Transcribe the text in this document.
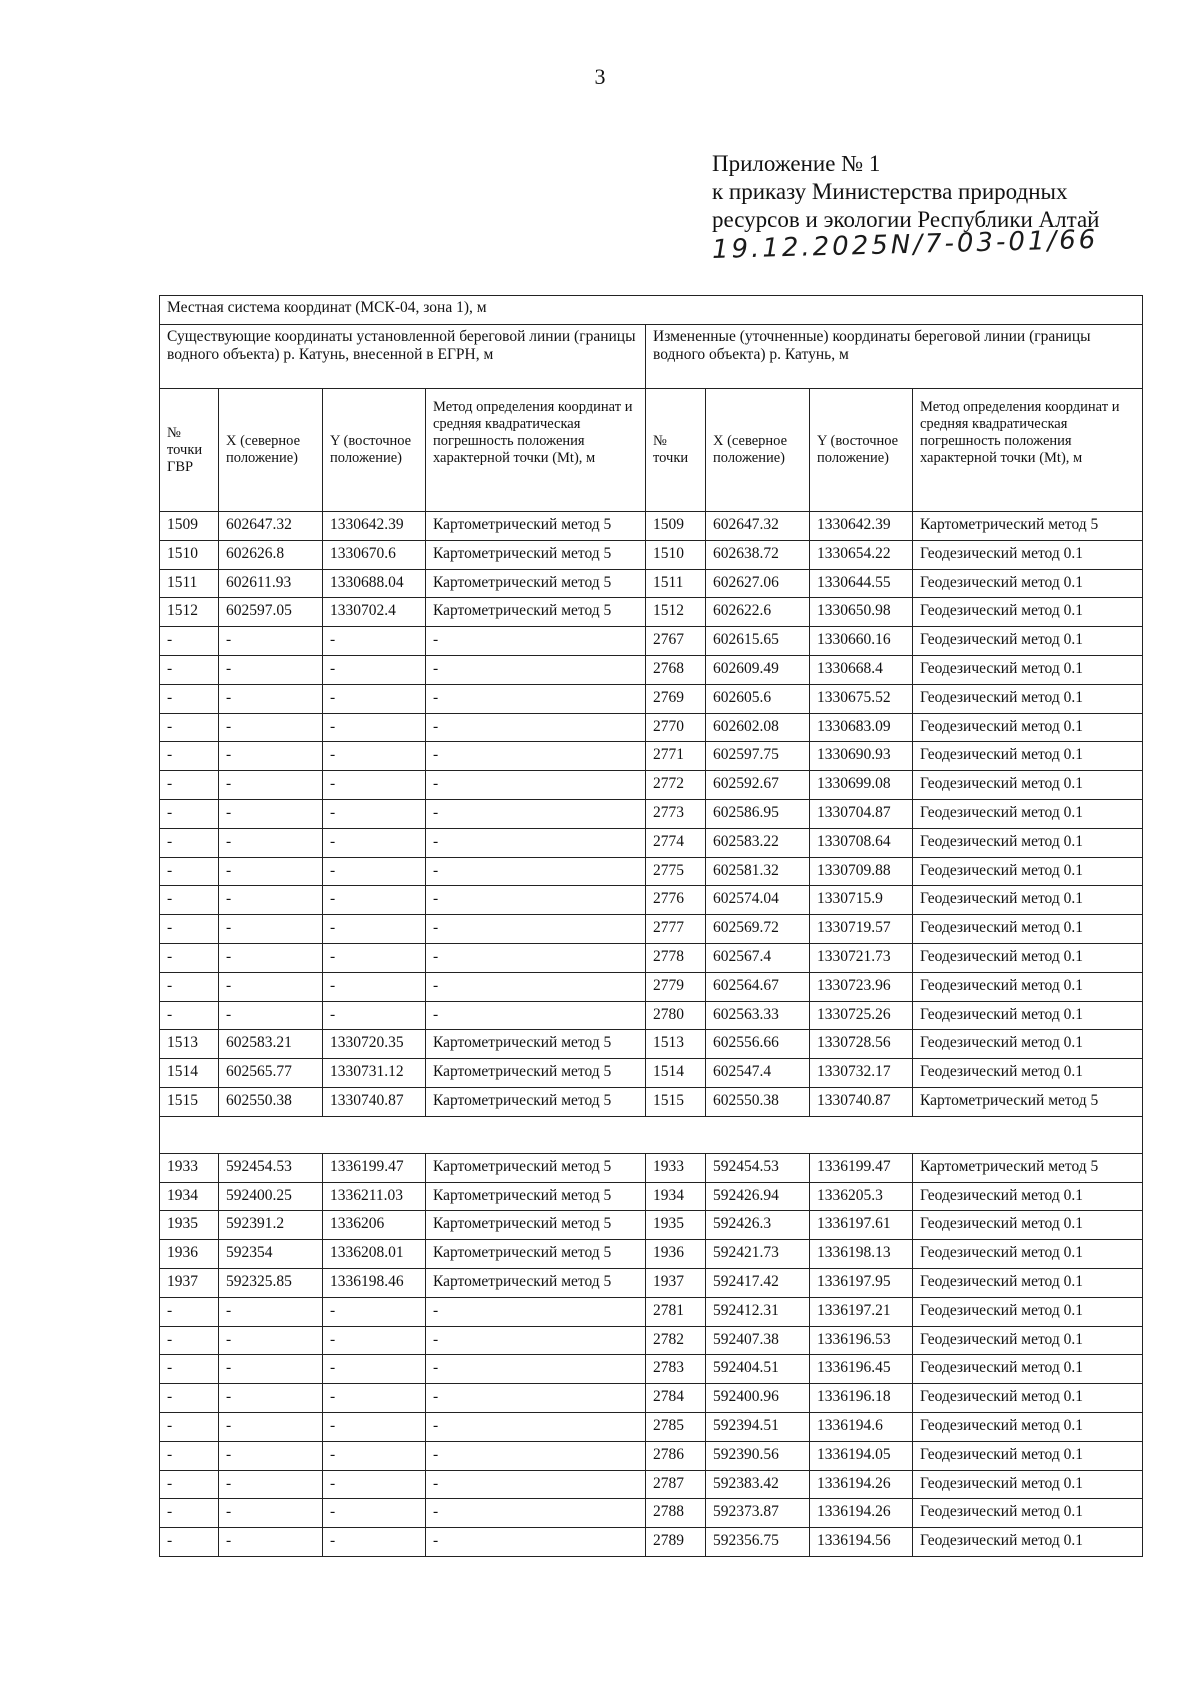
3
Приложение № 1
к приказу Министерства природных
ресурсов и экологии Республики Алтай
19.12.2025N/7-03-01/66
Местная система координат (МСК-04, зона 1), м							
Существующие координаты установленной береговой линии (границы водного объекта) р. Катунь, внесенной в ЕГРН, м				Измененные (уточненные) координаты береговой линии (границы водного объекта) р. Катунь, м			
№ точки ГВР	X (северное положение)	Y (восточное положение)	Метод определения координат и средняя квадратическая погрешность положения характерной точки (Mt), м	№ точки	X (северное положение)	Y (восточное положение)	Метод определения координат и средняя квадратическая погрешность положения характерной точки (Mt), м
1509	602647.32	1330642.39	Картометрический метод 5	1509	602647.32	1330642.39	Картометрический метод 5
1510	602626.8	1330670.6	Картометрический метод 5	1510	602638.72	1330654.22	Геодезический метод 0.1
1511	602611.93	1330688.04	Картометрический метод 5	1511	602627.06	1330644.55	Геодезический метод 0.1
1512	602597.05	1330702.4	Картометрический метод 5	1512	602622.6	1330650.98	Геодезический метод 0.1
-	-	-	-	2767	602615.65	1330660.16	Геодезический метод 0.1
-	-	-	-	2768	602609.49	1330668.4	Геодезический метод 0.1
-	-	-	-	2769	602605.6	1330675.52	Геодезический метод 0.1
-	-	-	-	2770	602602.08	1330683.09	Геодезический метод 0.1
-	-	-	-	2771	602597.75	1330690.93	Геодезический метод 0.1
-	-	-	-	2772	602592.67	1330699.08	Геодезический метод 0.1
-	-	-	-	2773	602586.95	1330704.87	Геодезический метод 0.1
-	-	-	-	2774	602583.22	1330708.64	Геодезический метод 0.1
-	-	-	-	2775	602581.32	1330709.88	Геодезический метод 0.1
-	-	-	-	2776	602574.04	1330715.9	Геодезический метод 0.1
-	-	-	-	2777	602569.72	1330719.57	Геодезический метод 0.1
-	-	-	-	2778	602567.4	1330721.73	Геодезический метод 0.1
-	-	-	-	2779	602564.67	1330723.96	Геодезический метод 0.1
-	-	-	-	2780	602563.33	1330725.26	Геодезический метод 0.1
1513	602583.21	1330720.35	Картометрический метод 5	1513	602556.66	1330728.56	Геодезический метод 0.1
1514	602565.77	1330731.12	Картометрический метод 5	1514	602547.4	1330732.17	Геодезический метод 0.1
1515	602550.38	1330740.87	Картометрический метод 5	1515	602550.38	1330740.87	Картометрический метод 5

1933	592454.53	1336199.47	Картометрический метод 5	1933	592454.53	1336199.47	Картометрический метод 5
1934	592400.25	1336211.03	Картометрический метод 5	1934	592426.94	1336205.3	Геодезический метод 0.1
1935	592391.2	1336206	Картометрический метод 5	1935	592426.3	1336197.61	Геодезический метод 0.1
1936	592354	1336208.01	Картометрический метод 5	1936	592421.73	1336198.13	Геодезический метод 0.1
1937	592325.85	1336198.46	Картометрический метод 5	1937	592417.42	1336197.95	Геодезический метод 0.1
-	-	-	-	2781	592412.31	1336197.21	Геодезический метод 0.1
-	-	-	-	2782	592407.38	1336196.53	Геодезический метод 0.1
-	-	-	-	2783	592404.51	1336196.45	Геодезический метод 0.1
-	-	-	-	2784	592400.96	1336196.18	Геодезический метод 0.1
-	-	-	-	2785	592394.51	1336194.6	Геодезический метод 0.1
-	-	-	-	2786	592390.56	1336194.05	Геодезический метод 0.1
-	-	-	-	2787	592383.42	1336194.26	Геодезический метод 0.1
-	-	-	-	2788	592373.87	1336194.26	Геодезический метод 0.1
-	-	-	-	2789	592356.75	1336194.56	Геодезический метод 0.1
